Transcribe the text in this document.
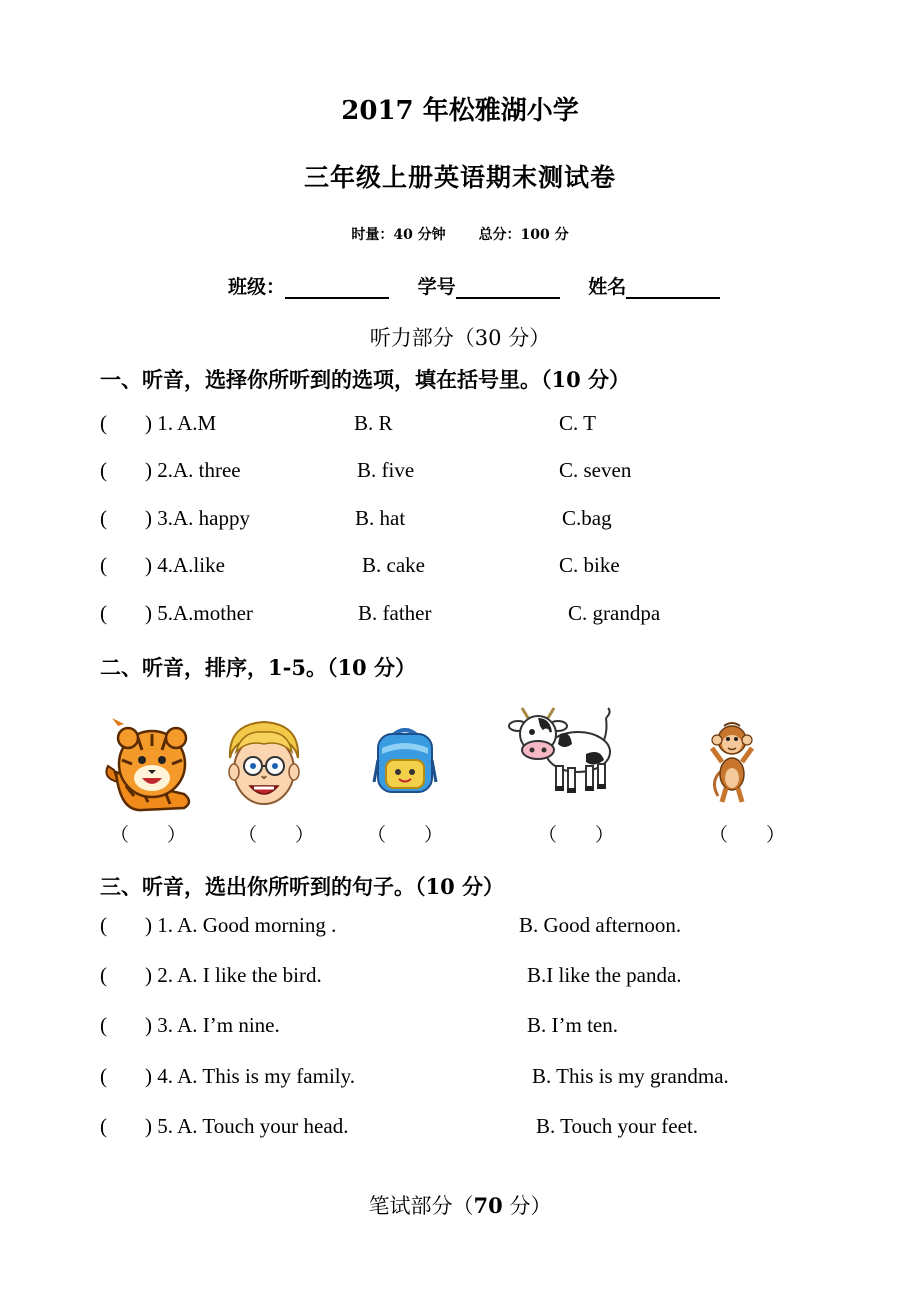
2017 年松雅湖小学
三年级上册英语期末测试卷
时量：40 分钟 总分：100 分
班级：	学号	姓名
听力部分（30 分）
一、听音，选择你所听到的选项，填在括号里。（10 分）
( ) 1. A.M	B. R	C. T
( ) 2.A. three	B. five	C. seven
( ) 3.A. happy	B. hat	C.bag
( ) 4.A.like	B. cake	C. bike
( ) 5.A.mother	B. father	C. grandpa
二、听音，排序，1-5。（10 分）
（　　）	（　　）	（　　）	（　　）	（　　）
三、听音，选出你所听到的句子。（10 分）
( ) 1. A. Good morning .	B. Good afternoon.
( ) 2. A. I like the bird.	B.I like the panda.
( ) 3. A. I’m nine.	B. I’m ten.
( ) 4. A. This is my family.	B. This is my grandma.
( ) 5. A. Touch your head.	B. Touch your feet.
笔试部分（70 分）
